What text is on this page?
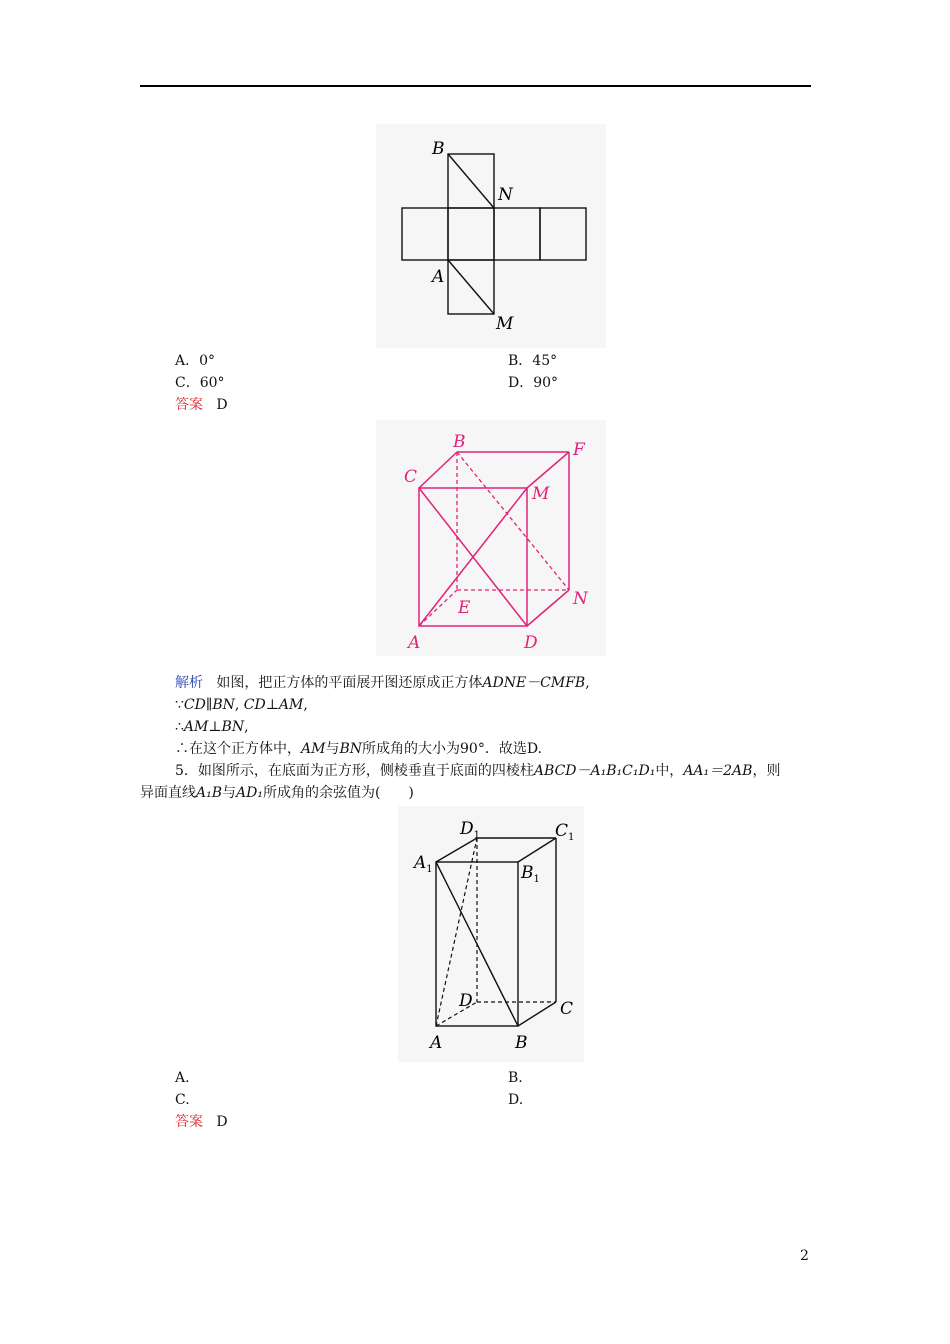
B
N
A
M
A．0°	B．45°
C．60°	D．90°
答案 D
B	F
C
M
E	N
A	D
解析 如图，把正方体的平面展开图还原成正方体ADNE－CMFB,
∵CD∥BN, CD⊥AM,
∴AM⊥BN,
∴在这个正方体中，AM与BN所成角的大小为90°．故选D.
5．如图所示，在底面为正方形，侧棱垂直于底面的四棱柱ABCD－A₁B₁C₁D₁中，AA₁＝2AB，则
异面直线A₁B与AD₁所成角的余弦值为(　　)
$D_1$	$C_1$
$A_1$	$B_1$
D	C
A	B
A.	B.
C.	D.
答案 D
2
